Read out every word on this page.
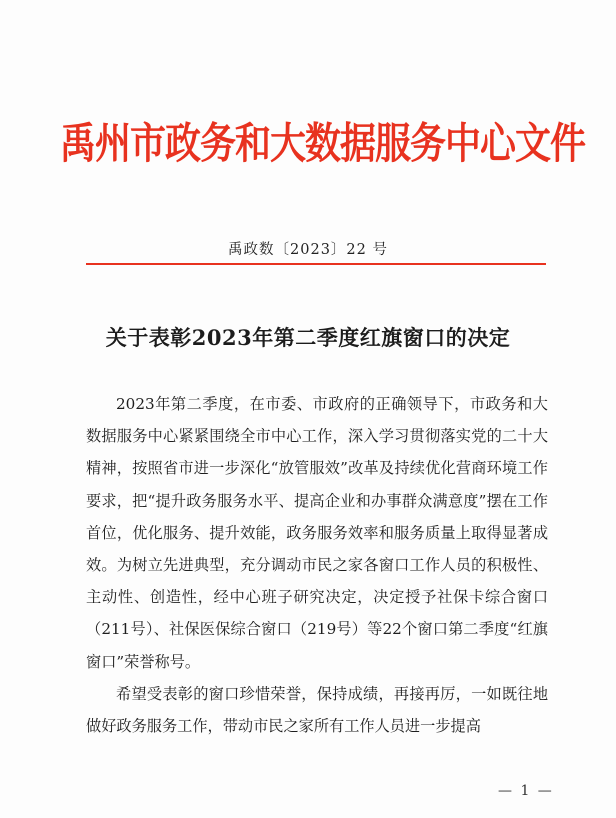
禹州市政务和大数据服务中心文件
禹政数〔2023〕22 号
关于表彰2023年第二季度红旗窗口的决定

2023年第二季度，在市委、市政府的正确领导下，市政务和大数据服务中心紧紧围绕全市中心工作，深入学习贯彻落实党的二十大精神，按照省市进一步深化“放管服效”改革及持续优化营商环境工作要求，把“提升政务服务水平、提高企业和办事群众满意度”摆在工作首位，优化服务、提升效能，政务服务效率和服务质量上取得显著成效。为树立先进典型，充分调动市民之家各窗口工作人员的积极性、主动性、创造性，经中心班子研究决定，决定授予社保卡综合窗口（211号）、社保医保综合窗口（219号）等22个窗口第二季度“红旗窗口”荣誉称号。

希望受表彰的窗口珍惜荣誉，保持成绩，再接再厉，一如既往地做好政务服务工作，带动市民之家所有工作人员进一步提高

— 1 —
